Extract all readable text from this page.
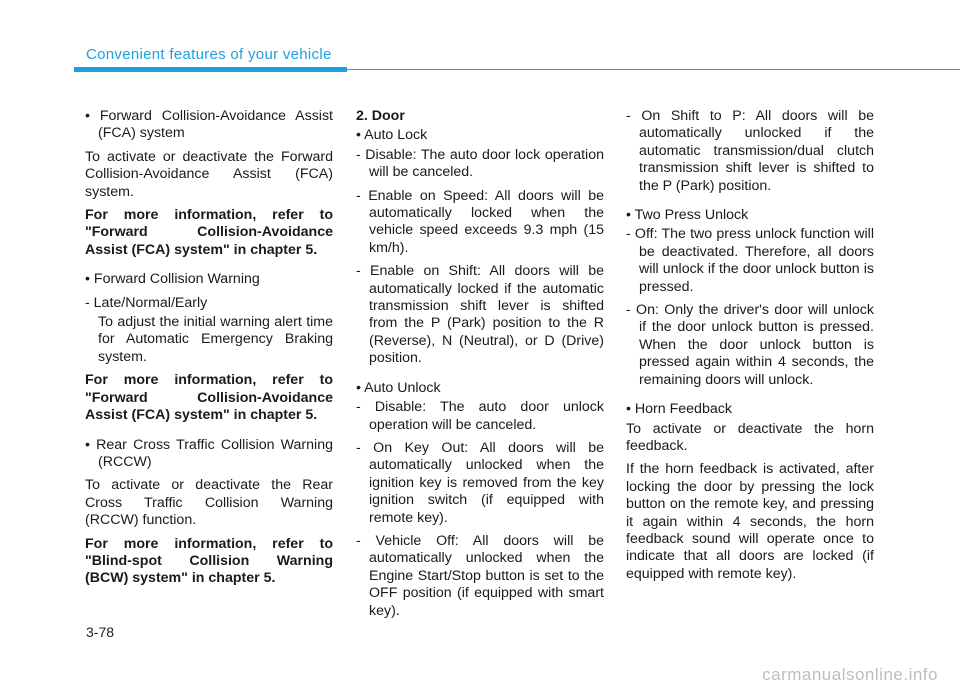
Convenient features of your vehicle

• Forward Collision-Avoidance Assist (FCA) system

To activate or deactivate the Forward Collision-Avoidance Assist (FCA) system.

For more information, refer to "Forward Collision-Avoidance Assist (FCA) system" in chapter 5.

• Forward Collision Warning

- Late/Normal/Early

To adjust the initial warning alert time for Automatic Emergency Braking system.

For more information, refer to "Forward Collision-Avoidance Assist (FCA) system" in chapter 5.

• Rear Cross Traffic Collision Warning (RCCW)

To activate or deactivate the Rear Cross Traffic Collision Warning (RCCW) function.

For more information, refer to "Blind-spot Collision Warning (BCW) system" in chapter 5.

2. Door

• Auto Lock

- Disable: The auto door lock operation will be canceled.

- Enable on Speed: All doors will be automatically locked when the vehicle speed exceeds 9.3 mph (15 km/h).

- Enable on Shift: All doors will be automatically locked if the automatic transmission shift lever is shifted from the P (Park) position to the R (Reverse), N (Neutral), or D (Drive) position.

• Auto Unlock

- Disable: The auto door unlock operation will be canceled.

- On Key Out: All doors will be automatically unlocked when the ignition key is removed from the key ignition switch (if equipped with remote key).

- Vehicle Off: All doors will be automatically unlocked when the Engine Start/Stop button is set to the OFF position (if equipped with smart key).

- On Shift to P: All doors will be automatically unlocked if the automatic transmission/dual clutch transmission shift lever is shifted to the P (Park) position.

• Two Press Unlock

- Off: The two press unlock function will be deactivated. Therefore, all doors will unlock if the door unlock button is pressed.

- On: Only the driver's door will unlock if the door unlock button is pressed. When the door unlock button is pressed again within 4 seconds, the remaining doors will unlock.

• Horn Feedback

To activate or deactivate the horn feedback.

If the horn feedback is activated, after locking the door by pressing the lock button on the remote key, and pressing it again within 4 seconds, the horn feedback sound will operate once to indicate that all doors are locked (if equipped with remote key).

3-78
carmanualsonline.info
